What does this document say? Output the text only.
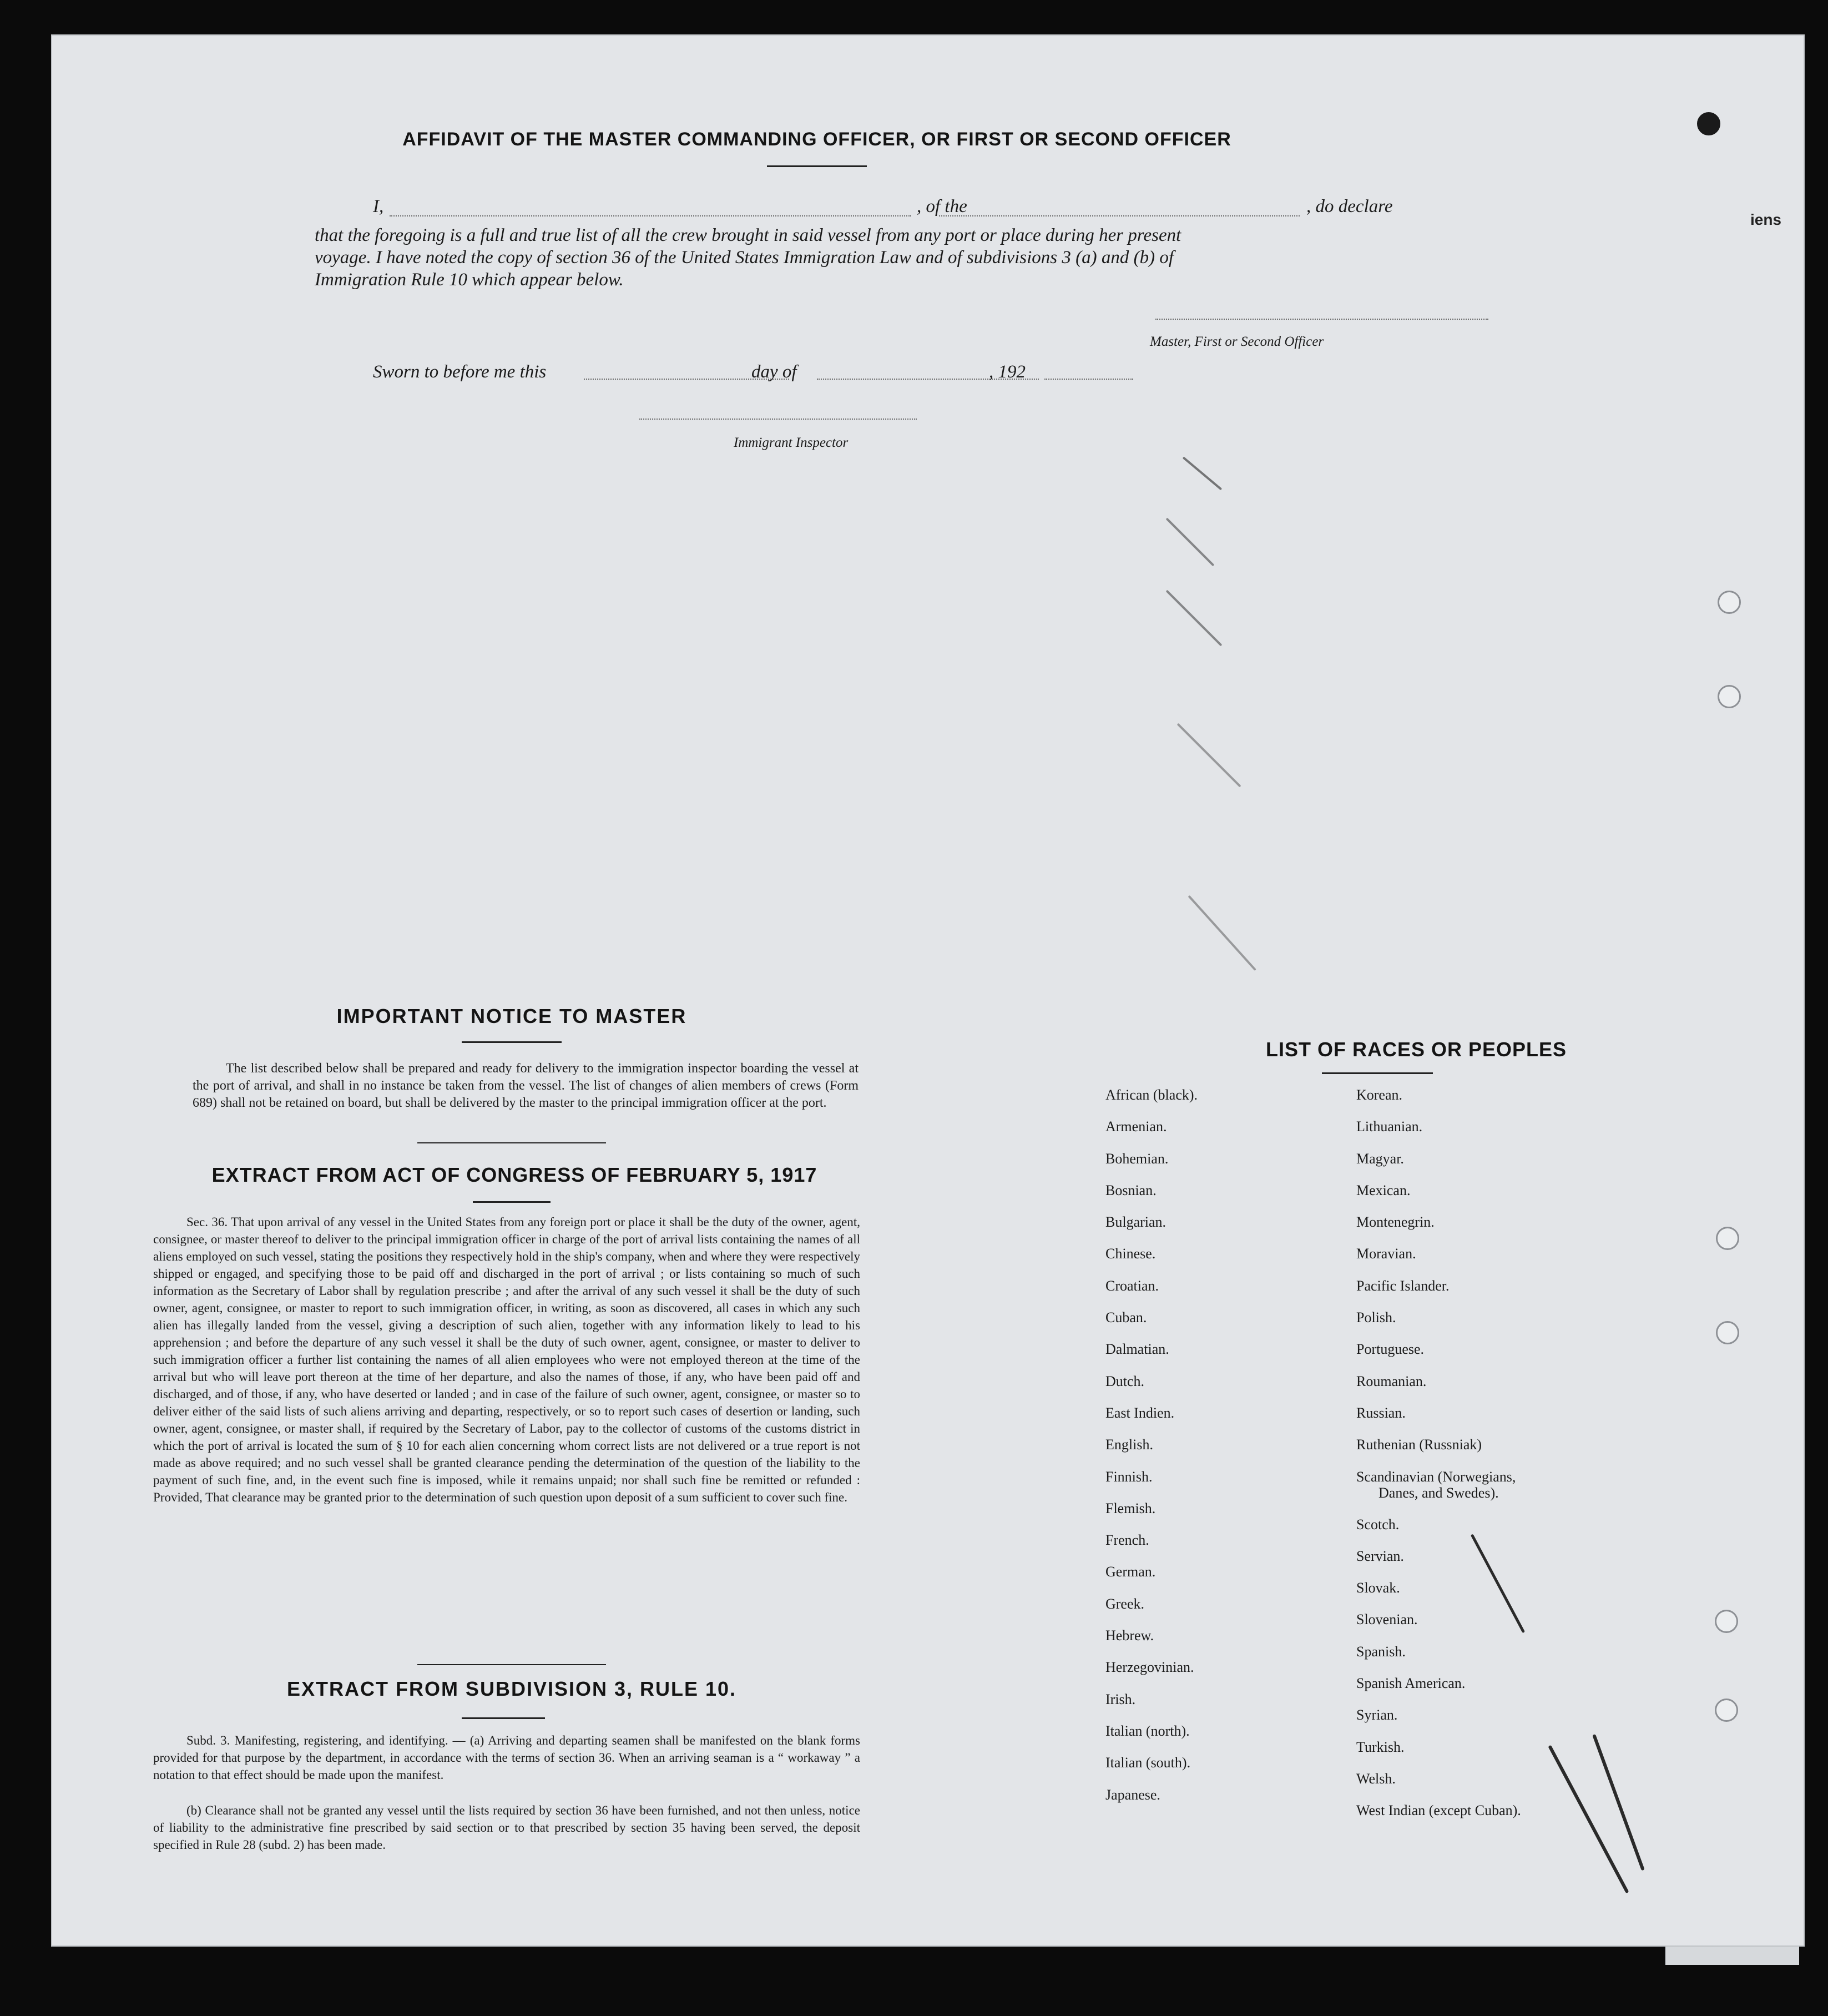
AFFIDAVIT OF THE MASTER COMMANDING OFFICER, OR FIRST OR SECOND OFFICER
I,	, of the	, do declare
that the foregoing is a full and true list of all the crew brought in said vessel from any port or place during her present
voyage. I have noted the copy of section 36 of the United States Immigration Law and of subdivisions 3 (a) and (b) of
Immigration Rule 10 which appear below.
Master, First or Second Officer
Sworn to before me this	day of	, 192
Immigrant Inspector
IMPORTANT NOTICE TO MASTER
The list described below shall be prepared and ready for delivery to the immigration inspector boarding the vessel at the port of arrival, and shall in no instance be taken from the vessel. The list of changes of alien members of crews (Form 689) shall not be retained on board, but shall be delivered by the master to the principal immigration officer at the port.
EXTRACT FROM ACT OF CONGRESS OF FEBRUARY 5, 1917
Sec. 36. That upon arrival of any vessel in the United States from any foreign port or place it shall be the duty of the owner, agent, consignee, or master thereof to deliver to the principal immigration officer in charge of the port of arrival lists containing the names of all aliens employed on such vessel, stating the positions they respectively hold in the ship's company, when and where they were respectively shipped or engaged, and specifying those to be paid off and discharged in the port of arrival ; or lists containing so much of such information as the Secretary of Labor shall by regulation prescribe ; and after the arrival of any such vessel it shall be the duty of such owner, agent, consignee, or master to report to such immigration officer, in writing, as soon as discovered, all cases in which any such alien has illegally landed from the vessel, giving a description of such alien, together with any information likely to lead to his apprehension ; and before the departure of any such vessel it shall be the duty of such owner, agent, consignee, or master to deliver to such immigration officer a further list containing the names of all alien employees who were not employed thereon at the time of the arrival but who will leave port thereon at the time of her departure, and also the names of those, if any, who have been paid off and discharged, and of those, if any, who have deserted or landed ; and in case of the failure of such owner, agent, consignee, or master so to deliver either of the said lists of such aliens arriving and departing, respectively, or so to report such cases of desertion or landing, such owner, agent, consignee, or master shall, if required by the Secretary of Labor, pay to the collector of customs of the customs district in which the port of arrival is located the sum of § 10 for each alien concerning whom correct lists are not delivered or a true report is not made as above required; and no such vessel shall be granted clearance pending the determination of the question of the liability to the payment of such fine, and, in the event such fine is imposed, while it remains unpaid; nor shall such fine be remitted or refunded : Provided, That clearance may be granted prior to the determination of such question upon deposit of a sum sufficient to cover such fine.
EXTRACT FROM SUBDIVISION 3, RULE 10.
Subd. 3. Manifesting, registering, and identifying. — (a) Arriving and departing seamen shall be manifested on the blank forms provided for that purpose by the department, in accordance with the terms of section 36. When an arriving seaman is a “ workaway ” a notation to that effect should be made upon the manifest.
(b) Clearance shall not be granted any vessel until the lists required by section 36 have been furnished, and not then unless, notice of liability to the administrative fine prescribed by said section or to that prescribed by section 35 having been served, the deposit specified in Rule 28 (subd. 2) has been made.
LIST OF RACES OR PEOPLES
African (black).
Armenian.
Bohemian.
Bosnian.
Bulgarian.
Chinese.
Croatian.
Cuban.
Dalmatian.
Dutch.
East Indien.
English.
Finnish.
Flemish.
French.
German.
Greek.
Hebrew.
Herzegovinian.
Irish.
Italian (north).
Italian (south).
Japanese.
Korean.
Lithuanian.
Magyar.
Mexican.
Montenegrin.
Moravian.
Pacific Islander.
Polish.
Portuguese.
Roumanian.
Russian.
Ruthenian (Russniak)
Scandinavian (Norwegians,
Danes, and Swedes).
Scotch.
Servian.
Slovak.
Slovenian.
Spanish.
Spanish American.
Syrian.
Turkish.
Welsh.
West Indian (except Cuban).
iens
